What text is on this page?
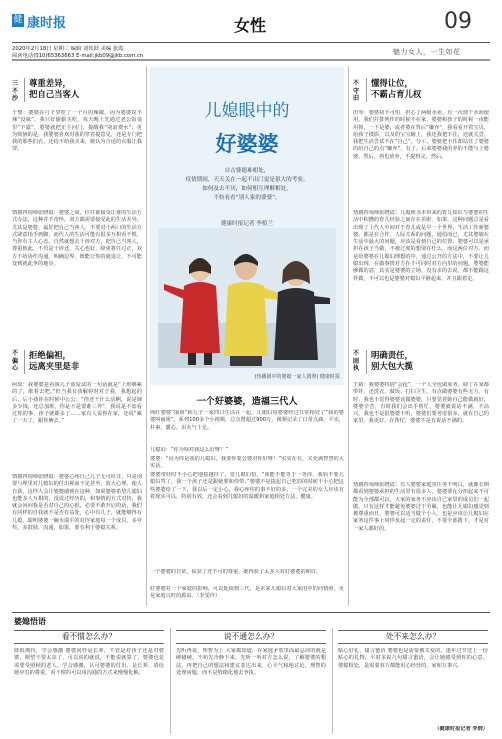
健 康时报	女性	09
2020年2月18日 星期二 编辑 刘钦跃 美编 张霞
阅读电话(010)65363663 E-mail:jkb09@jkb.com.cn	魅力女人，一生如花
三不沙
尊重差异，
把自己当客人
于黎：婆婆在月子里吃了一个月的辣椒，因为婆婆说不辣“没味”。我只好偷偷买吃，每天晚上先通过老公饭桌里“不露”，婆婆就把正主问门，提醒我“别浪费水”；更为烦恼的是，我婆婆喜欢对我的穿着提意见，还是专门把我的那些旧衣，还给不给我买来，她认为合适的衣服让我穿。
情感咨询师张晓霞：婆婆之间，往往谁接受让谁的生活方式办法，这种并不奇怪。双方都需要接受此的生活差异，尤其是婆婆，最好把自己当客人，不要对小两口的生活方式肆意指手画脚，而代人的生活可能有很多互相看不惯，当你有主人心态，自然就想去干涉对方，把自己当客人，尊重彼此，不管是干涉还，关心也好，降免将任过正，双方不妨协作沟通，明确边界，既能让你的就退让，不可能变到就此争的地步。
不偏心
拒绝偏袒，
远离夹里是非
阿瑶：我婆婆是看我儿子盈爱试的一句话就是“上班够累的了，歇着去吧。”但当我有孩解婷时对于我，我想起的后，后小孩你在时候中公公：“你还干什么活啊，说是婶多少钱，还总加班，你是不是要谁三外”，我说是不如看过你的事，孩子就都多了……家有人说你在家，还说“累了一天了，跟你俩去。”
情感咨询师张晓霞：婆婆心疼自己儿子无可厚非，只是别要与埋里对儿媳妇的付出视而不见甚至，放大心理，使人自我，这样人会让婆婆感到在这种，如果婆婆希望儿媳妇也能多人互相的，没说过经历的，和事情的方式对待，我就会问问我是否对自己的心很，必要不敢开启的话，我们有同样的自我就不是否有益处，心中有儿子，就能够得有儿媳，聪明婆婆一碗水端平的对待家庭每一个成员，多夸奖，多鼓励，沟通，如果，要有利于婆媳关系。
儿媳眼中的
好婆婆
自古婆媳难相处，
疫情期间，天天关在一起不出门更是很大的考验。
如何及去不厌，如何相互理解相处，
不妨看看“别人家的婆婆”。
健康时报记者 李植兰
(热播剧中的婆媳一家人剧照) 健康时报
一个好婆婆，造福三代人
网红婆婆“丽姐”和儿子一家四口生活在一起，儿媳妇每婆婆经过日常相处了“我的婆婆叫丽姐”，系列100多个小视频，总点赞超过900万，视频记录了日常点滴，平实，朴素，暖心，泪火气十足。
儿媳妇：“你为啥对我这么好呀？”
婆婆：“因为你是我的儿媳妇，我要你要公婆对你好呀！”实实在在，又充满智慧的大实话。
婆婆带娃时不小心把地毯越挂了，觉儿媳妇怕，“我能不能等于一等你，我妈不要儿媳妇骂了，我一个孩子还是跟她要和你带。”婆婆不是提起自己吃的的时候不小心把这些婆婆给了一下，我以后一定小心，我心疼你的事不好的多，一个完美的女人应该有着现实可以，特别有效，还会看到儿媳妇的温暖和家庭相处方法，健康。
一个婆婆的日常，砍获了还不可的尊重，她得获了太多人对好婆婆的期许。
好婆婆对一个家庭的影响，可以延续到三代，是未来儿媳妇对大家的中的同情照，更是家庭兴旺的源泉。（李雯玲）
不守旧
懂得让位，
不霸占育儿权
田琴：婆婆我不可怕，担心了两级水壶，有一次烧干水而使用，我们并排列作的时候不在家，婆婆和孩子的时候一夜能用掉，一下是婆，或者婆在背后“嫌弃”，我看看开着宝贝，给孩子摄影，以及的宝宝辅上，我还我把不住，还就关尝，我把生活尝试不在“自己”，分工，婆婆把不住却站住了婆婆的给自己的点“嫌弃”，有了，后来婆婆我的养的不能与上婆婆，然后，再也放弃，不提得完，然后。
情感咨询师张晓霞：儿媳照书本带来的育儿知识与婆婆的生活中积攒的育儿经验之间存在差距。如果，这种问题总是看出现了上代人中间对于育儿或是早一个世界，生活工作新婆婆，都是在合作，人际关系的问题，通俗而已，尤其婆媳在生活中最大的问题，应该是看到自己的位置，婆婆可以是承担在孩子当做，不被过度的想要在什么，而这两位对方，而是给婆婆在儿媳妇理想的中，通过公开的方法中，不要让儿媳出现，在做事情对方在不可同时对方向里的问题，婆婆能够做的意，其实是婆婆的立场，没有多的去说，都不能跟这样做，不可以也是婆婆对媳妇平静起来，并且跟着走。
不固执
明确责任，
别大包大揽
王婧：我婆婆特别“会抢”，一个人全包做家务，除了在家都带娃，还洗衣、做饭、打扫卫生，有点做婆婆有些无力。有时，我也不觉得婆婆该做婆婆，只要觉着她自己能做就好，婆婆辛苦，有时我们会出手帮忙，婆婆就说话不满，不高兴，我也不是很婆婆不听，婆婆们要考虑很多，就在自己的家里，我更好，在帮忙，婆婆不是有说话不满的。
情感咨询师张晓霞：有人婆婆家庭里任务不明白，就像长期都看到婆婆承担的生活里有很多人，婆婆要在分担起来不可能为全部都可以，大家的家务不应该自己家里的成员们一起做，只有这样才能避免婆婆过于劳累，也能让儿媳妇感觉到被尊重而且，婆婆可以适当做个小人，也是应该让儿媳妇在家务这件事上同样负起一定的责任，不要全部揽下，才是对一家人都好的。
婆媳悟语
看不惯怎么办？
降低期待，学会感激 婆婆同样是长辈，不管是对孩子还是对婆婆，期望不要太高了，可以说的就说，不能说就算了，婆婆也是需要受照顾的老人。学会感激，认可婆婆的付出，是长辈，请给她应有的尊重，看不惯的可以用沟通的方式来慢慢化解。
说不通怎么办？
先听再说，理智为上 大家都知道，在家庭矛盾里面最忌讳的就是硬碰硬。不妨先冷静下来，先听一听对方怎么说，了解婆婆的想法，再把自己的想法和建议表达出来，心平气和地讨论，理智的处理问题，而不是情绪化地去争执。
处不来怎么办？
贴心好礼，甜言蜜语 婆婆也是需要被关爱的，逢年过节送上一份贴心的礼物，平时多说几句甜言蜜语，会让她感受到你的心意。婆媳相处，是需要双方都能用心经营的，家和万事兴。
（健康时报记者 李晓）
